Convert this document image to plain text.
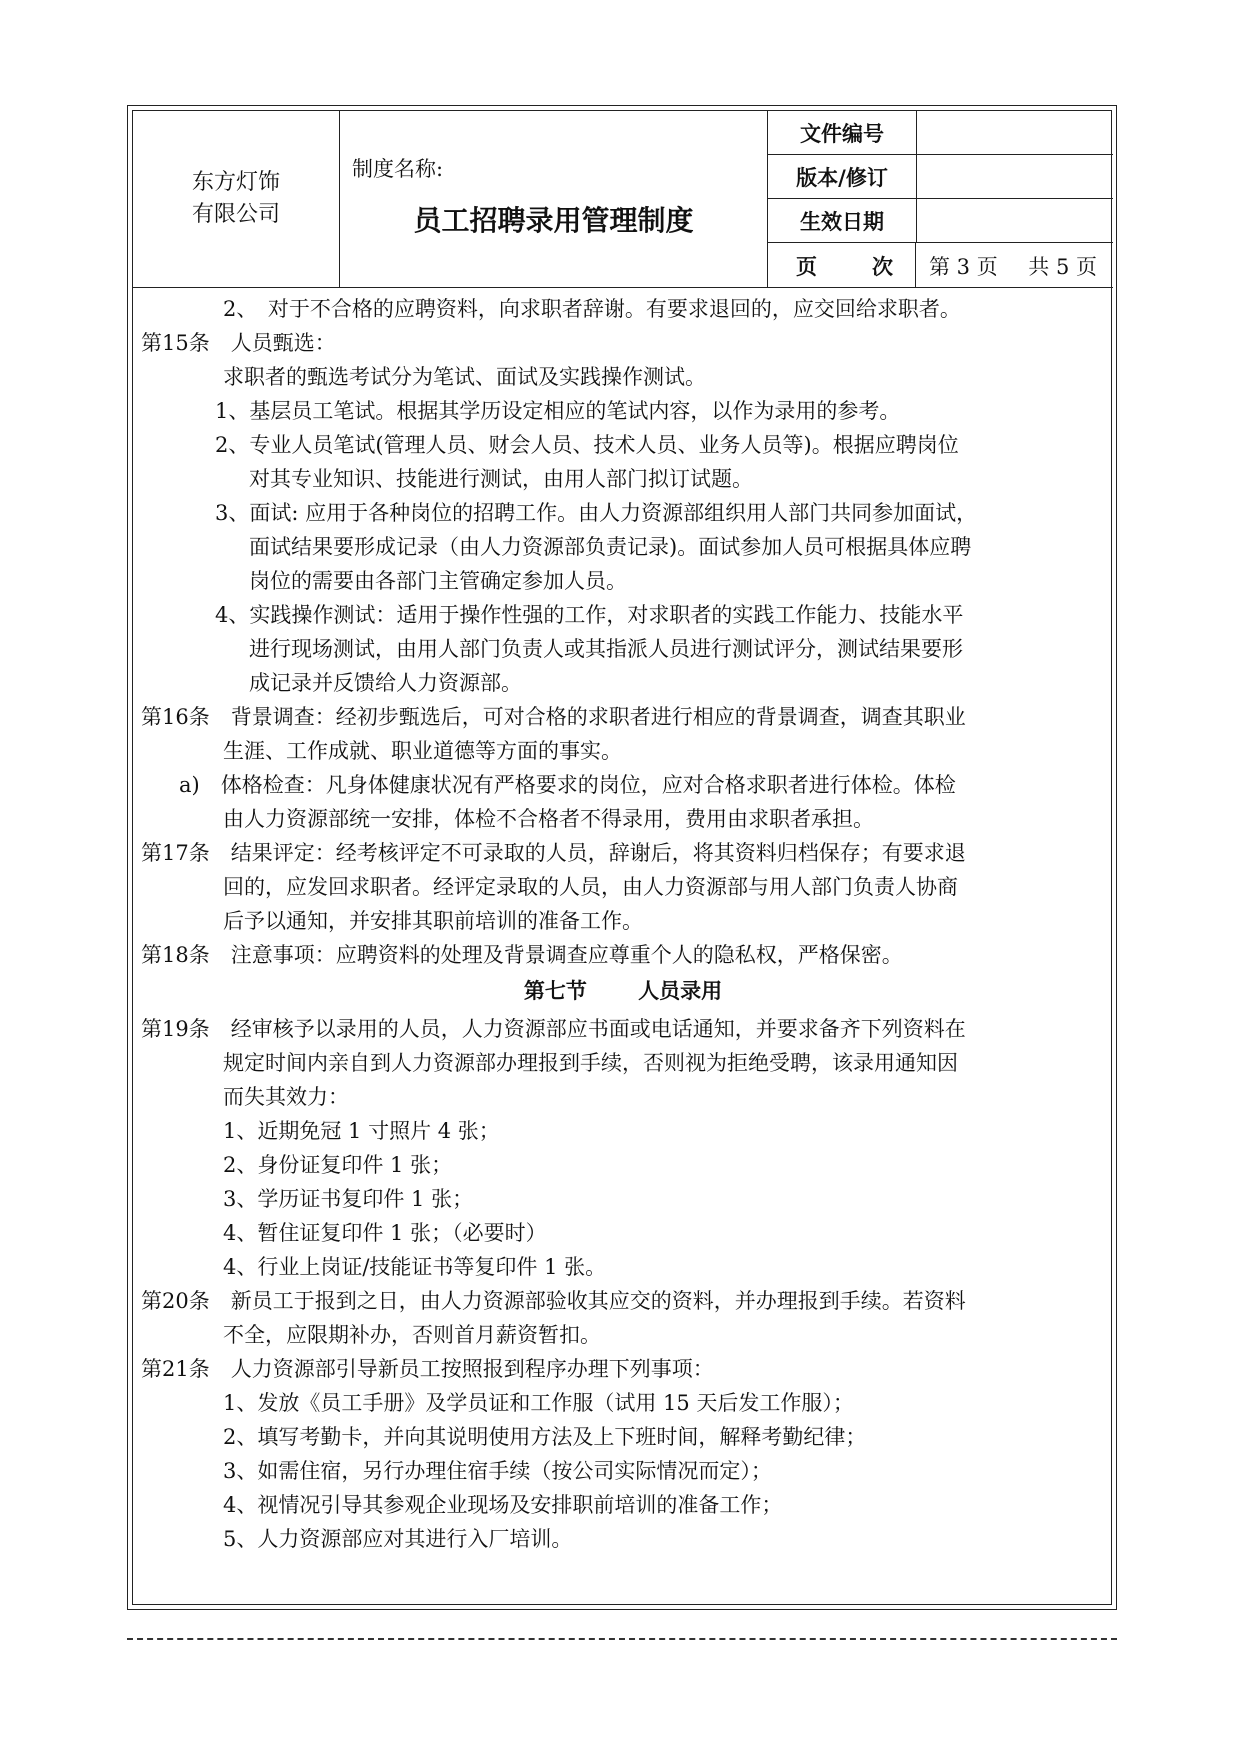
东方灯饰
有限公司
制度名称:
员工招聘录用管理制度
文件编号
版本/修订
生效日期
页	次 第 3 页 共 5 页
2、　对于不合格的应聘资料，向求职者辞谢。有要求退回的，应交回给求职者。
第15条　人员甄选：
求职者的甄选考试分为笔试、面试及实践操作测试。
1、基层员工笔试。根据其学历设定相应的笔试内容，以作为录用的参考。
2、专业人员笔试(管理人员、财会人员、技术人员、业务人员等)。根据应聘岗位
对其专业知识、技能进行测试，由用人部门拟订试题。
3、面试: 应用于各种岗位的招聘工作。由人力资源部组织用人部门共同参加面试，
面试结果要形成记录（由人力资源部负责记录)。面试参加人员可根据具体应聘
岗位的需要由各部门主管确定参加人员。
4、实践操作测试：适用于操作性强的工作，对求职者的实践工作能力、技能水平
进行现场测试，由用人部门负责人或其指派人员进行测试评分，测试结果要形
成记录并反馈给人力资源部。
第16条　背景调查：经初步甄选后，可对合格的求职者进行相应的背景调查，调查其职业
生涯、工作成就、职业道德等方面的事实。
a)　体格检查：凡身体健康状况有严格要求的岗位，应对合格求职者进行体检。体检
由人力资源部统一安排，体检不合格者不得录用，费用由求职者承担。
第17条　结果评定：经考核评定不可录取的人员，辞谢后，将其资料归档保存；有要求退
回的，应发回求职者。经评定录取的人员，由人力资源部与用人部门负责人协商
后予以通知，并安排其职前培训的准备工作。
第18条　注意事项：应聘资料的处理及背景调查应尊重个人的隐私权，严格保密。
第七节 人员录用
第19条　经审核予以录用的人员，人力资源部应书面或电话通知，并要求备齐下列资料在
规定时间内亲自到人力资源部办理报到手续，否则视为拒绝受聘，该录用通知因
而失其效力：
1、近期免冠 1 寸照片 4 张；
2、身份证复印件 1 张；
3、学历证书复印件 1 张；
4、暂住证复印件 1 张；（必要时）
4、行业上岗证/技能证书等复印件 1 张。
第20条　新员工于报到之日，由人力资源部验收其应交的资料，并办理报到手续。若资料
不全，应限期补办，否则首月薪资暂扣。
第21条　人力资源部引导新员工按照报到程序办理下列事项：
1、发放《员工手册》及学员证和工作服（试用 15 天后发工作服）；
2、填写考勤卡，并向其说明使用方法及上下班时间，解释考勤纪律；
3、如需住宿，另行办理住宿手续（按公司实际情况而定）；
4、视情况引导其参观企业现场及安排职前培训的准备工作；
5、人力资源部应对其进行入厂培训。
